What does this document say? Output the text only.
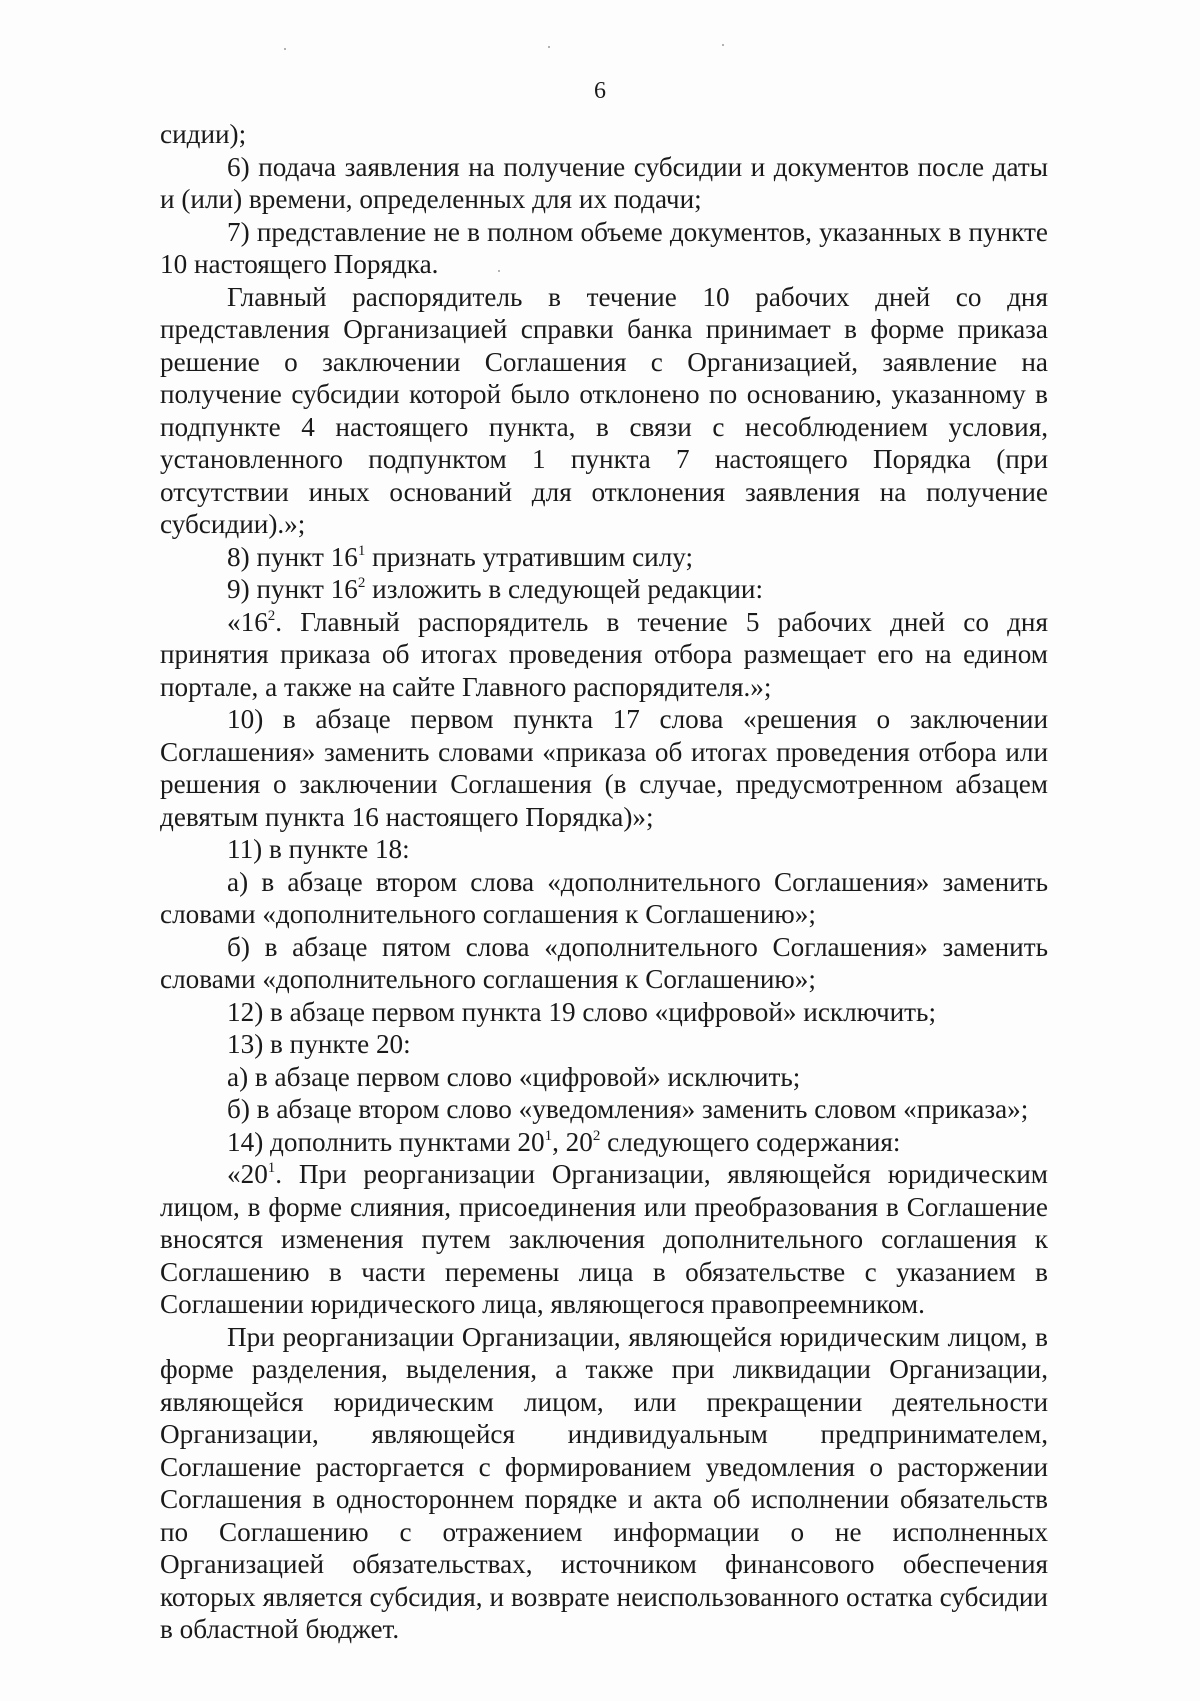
6

сидии);

6) подача заявления на получение субсидии и документов после даты и (или) времени, определенных для их подачи;

7) представление не в полном объеме документов, указанных в пункте 10 настоящего Порядка.

Главный распорядитель в течение 10 рабочих дней со дня представления Организацией справки банка принимает в форме приказа решение о заключении Соглашения с Организацией, заявление на получение субсидии которой было отклонено по основанию, указанному в подпункте 4 настоящего пункта, в связи с несоблюдением условия, установленного подпунктом 1 пункта 7 настоящего Порядка (при отсутствии иных оснований для отклонения заявления на получение субсидии).»;

8) пункт $16^1$ признать утратившим силу;

9) пункт $16^2$ изложить в следующей редакции:

«$16^2$. Главный распорядитель в течение 5 рабочих дней со дня принятия приказа об итогах проведения отбора размещает его на едином портале, а также на сайте Главного распорядителя.»;

10) в абзаце первом пункта 17 слова «решения о заключении Соглашения» заменить словами «приказа об итогах проведения отбора или решения о заключении Соглашения (в случае, предусмотренном абзацем девятым пункта 16 настоящего Порядка)»;

11) в пункте 18:

а) в абзаце втором слова «дополнительного Соглашения» заменить словами «дополнительного соглашения к Соглашению»;

б) в абзаце пятом слова «дополнительного Соглашения» заменить словами «дополнительного соглашения к Соглашению»;

12) в абзаце первом пункта 19 слово «цифровой» исключить;

13) в пункте 20:

а) в абзаце первом слово «цифровой» исключить;

б) в абзаце втором слово «уведомления» заменить словом «приказа»;

14) дополнить пунктами $20^1$, $20^2$ следующего содержания:

«$20^1$. При реорганизации Организации, являющейся юридическим лицом, в форме слияния, присоединения или преобразования в Соглашение вносятся изменения путем заключения дополнительного соглашения к Соглашению в части перемены лица в обязательстве с указанием в Соглашении юридического лица, являющегося правопреемником.

При реорганизации Организации, являющейся юридическим лицом, в форме разделения, выделения, а также при ликвидации Организации, являющейся юридическим лицом, или прекращении деятельности Организации, являющейся индивидуальным предпринимателем, Соглашение расторгается с формированием уведомления о расторжении Соглашения в одностороннем порядке и акта об исполнении обязательств по Соглашению с отражением информации о не исполненных Организацией обязательствах, источником финансового обеспечения которых является субсидия, и возврате неиспользованного остатка субсидии в областной бюджет.
